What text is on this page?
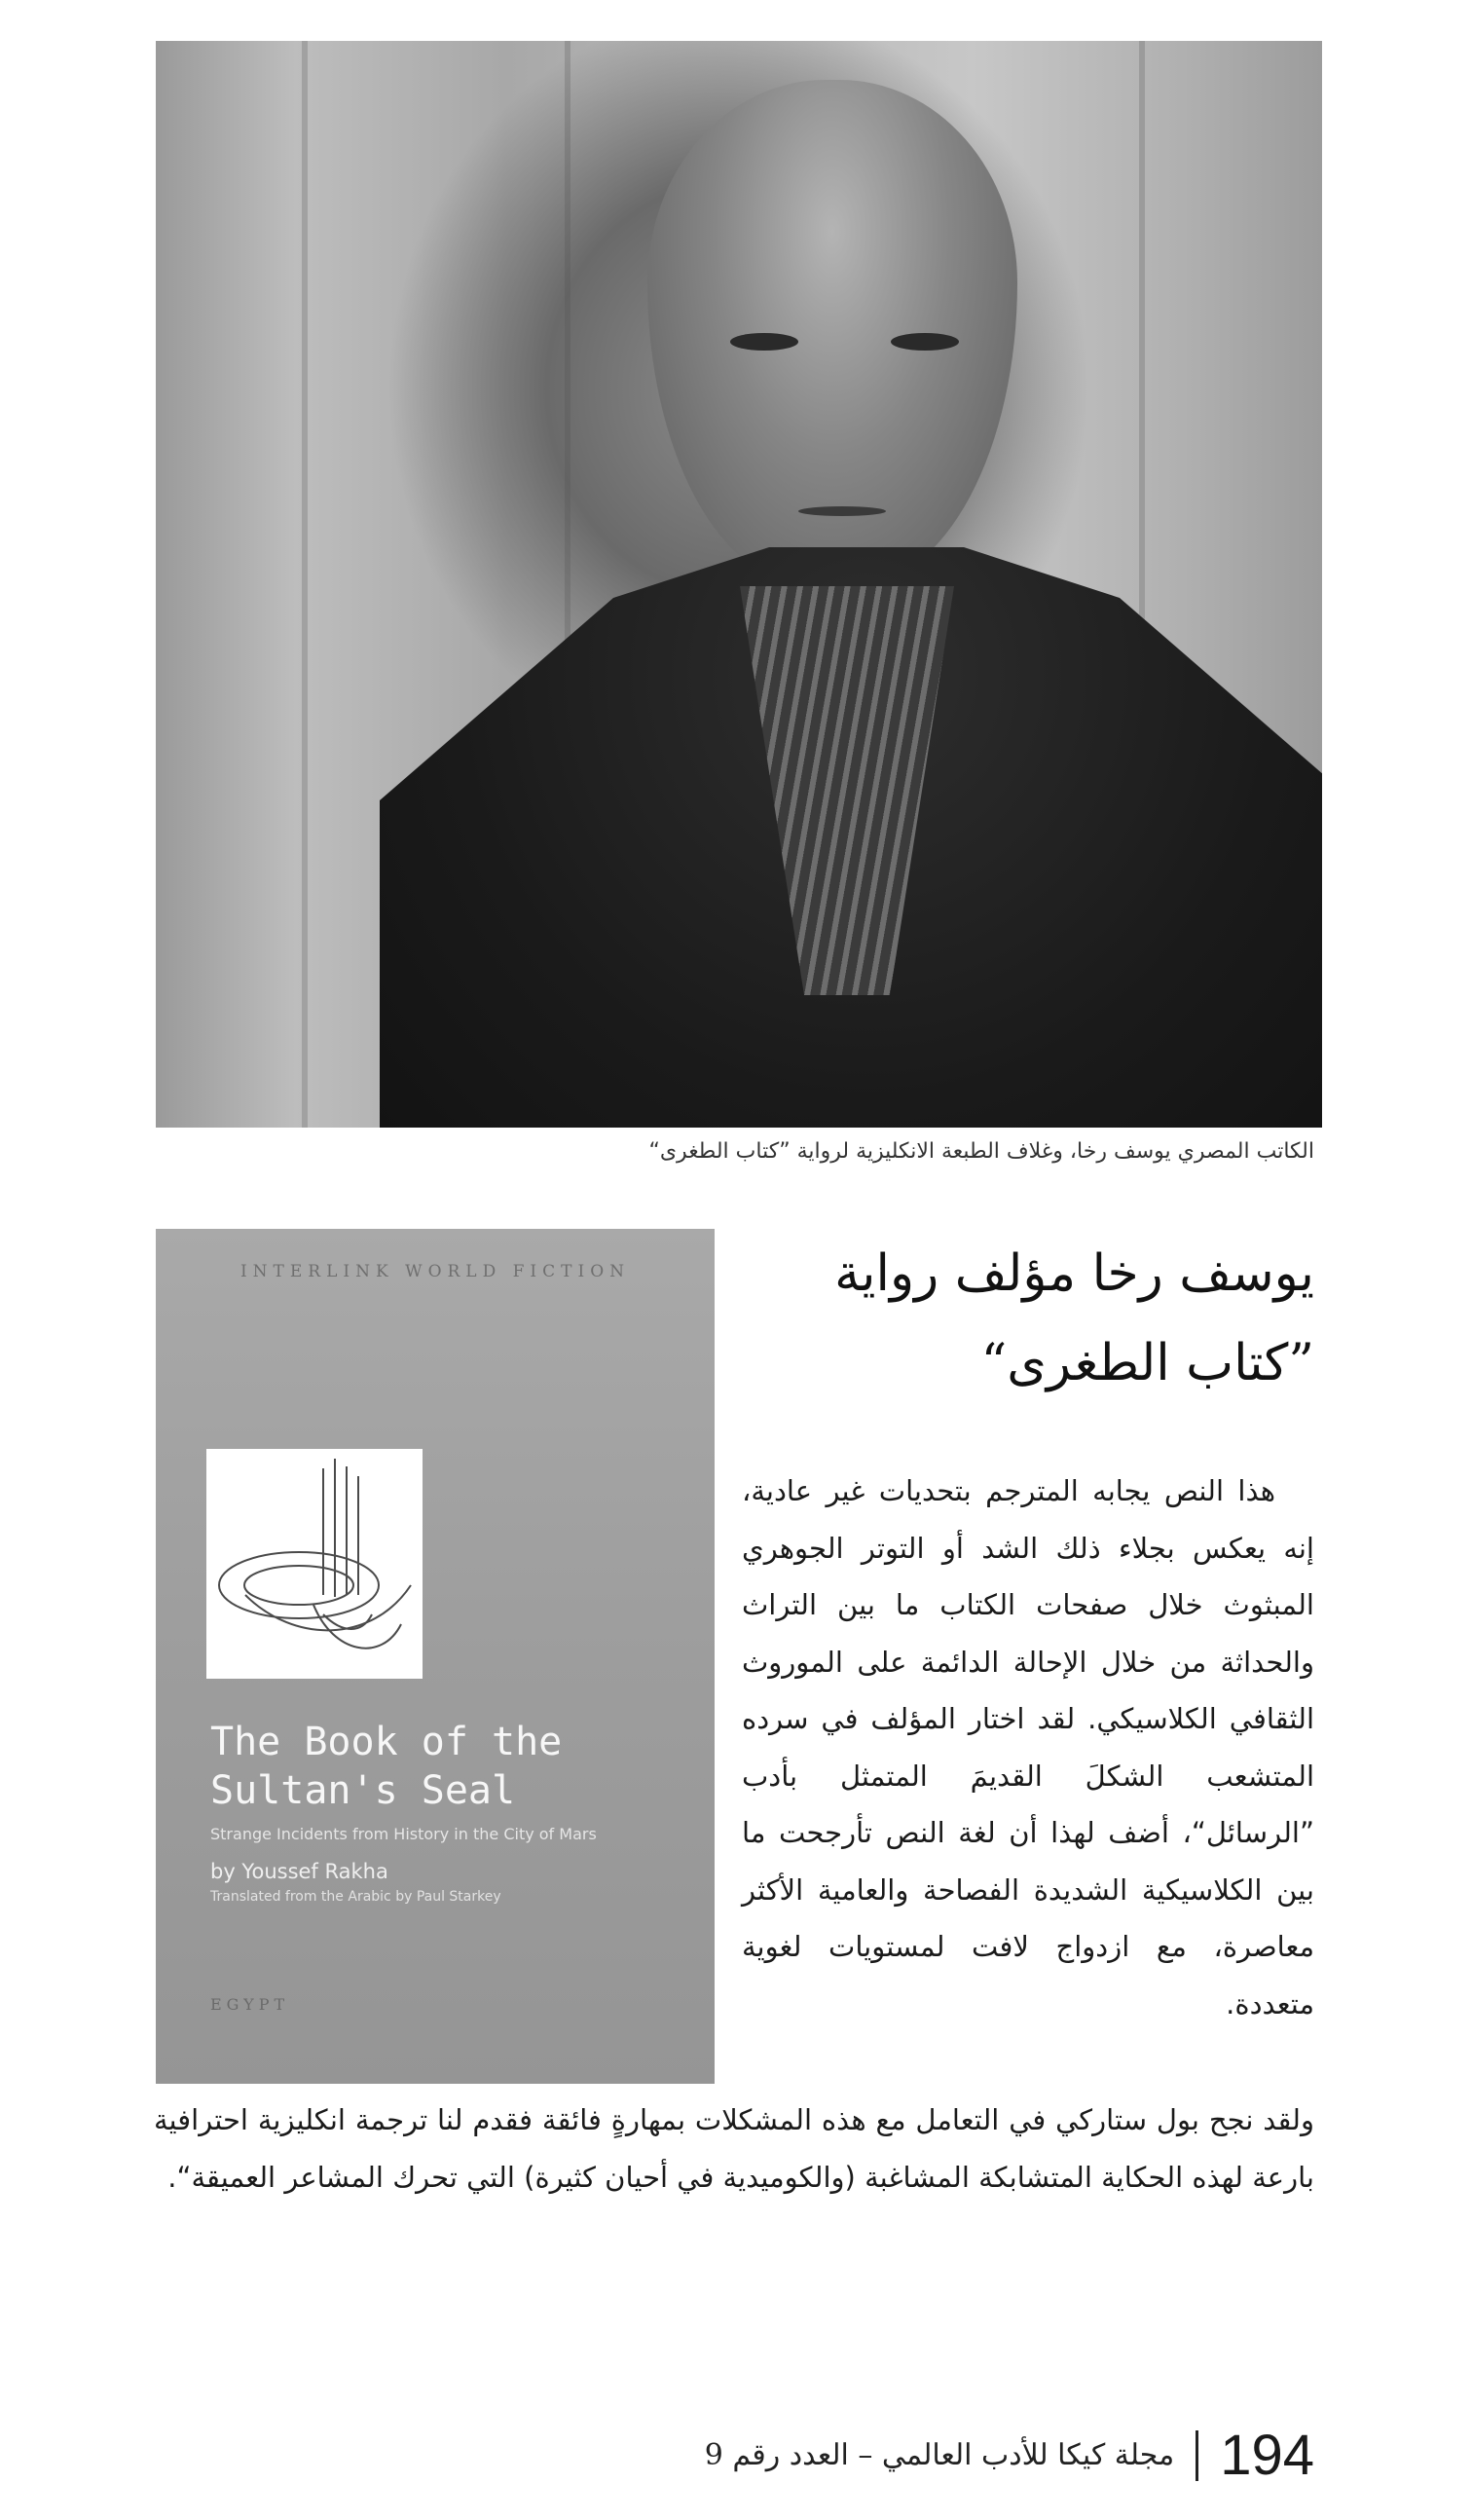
الكاتب المصري يوسف رخا، وغلاف الطبعة الانكليزية لرواية ”كتاب الطغرى“
INTERLINK WORLD FICTION
The Book of the
Sultan's Seal
Strange Incidents from History in the City of Mars
by Youssef Rakha
Translated from the Arabic by Paul Starkey
EGYPT
يوسف رخا مؤلف رواية
”كتاب الطغرى“

هذا النص يجابه المترجم بتحديات غير عادية، إنه يعكس بجلاء ذلك الشد أو التوتر الجوهري المبثوث خلال صفحات الكتاب ما بين التراث والحداثة من خلال الإحالة الدائمة على الموروث الثقافي الكلاسيكي. لقد اختار المؤلف في سرده المتشعب الشكلَ القديمَ المتمثل بأدب ”الرسائل“، أضف لهذا أن لغة النص تأرجحت ما بين الكلاسيكية الشديدة الفصاحة والعامية الأكثر معاصرة، مع ازدواج لافت لمستويات لغوية متعددة.

ولقد نجح بول ستاركي في التعامل مع هذه المشكلات بمهارةٍ فائقة فقدم لنا ترجمة انكليزية احترافية بارعة لهذه الحكاية المتشابكة المشاغبة (والكوميدية في أحيان كثيرة) التي تحرك المشاعر العميقة“.

مجلة كيكا للأدب العالمي – العدد رقم 9 194
